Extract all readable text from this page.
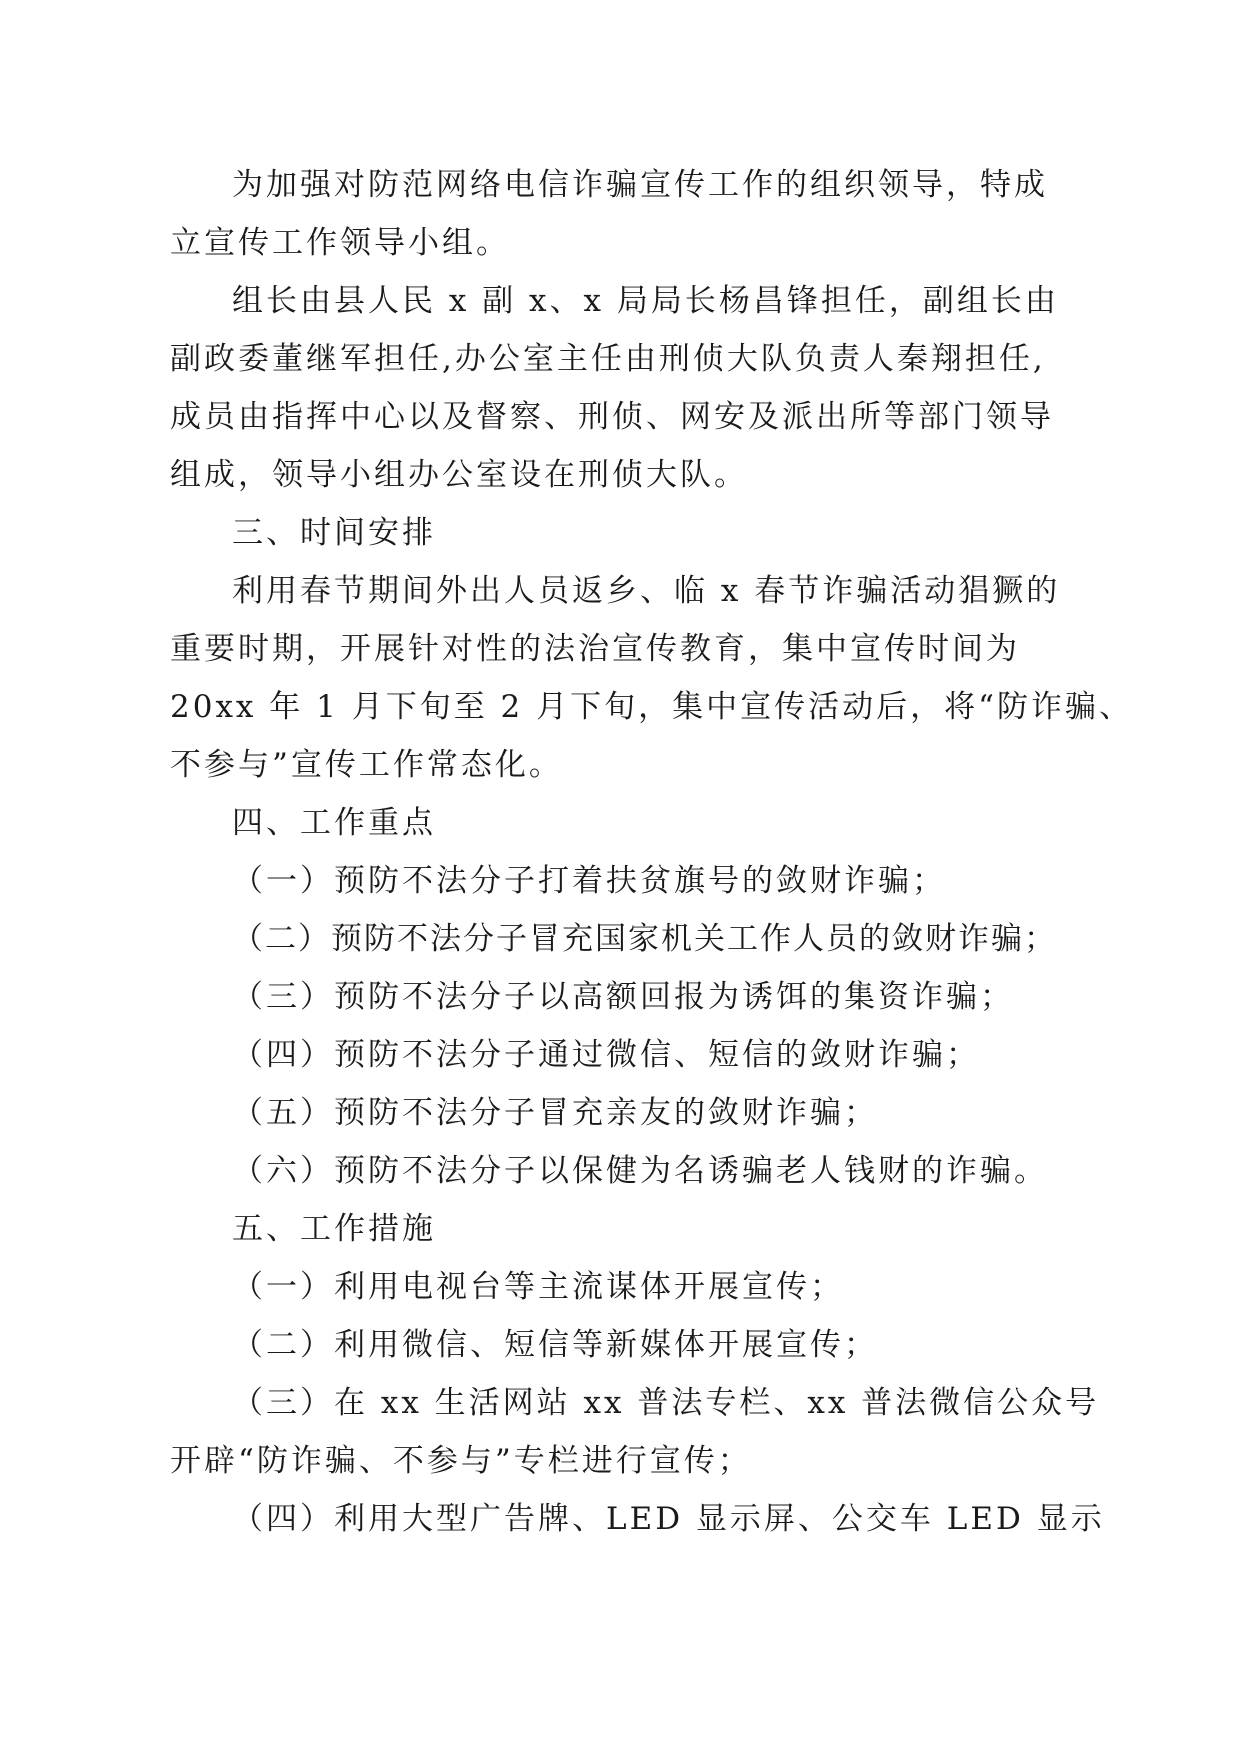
为加强对防范网络电信诈骗宣传工作的组织领导，特成
立宣传工作领导小组。
组长由县人民 x 副 x、x 局局长杨昌锋担任，副组长由
副政委董继军担任,办公室主任由刑侦大队负责人秦翔担任,
成员由指挥中心以及督察、刑侦、网安及派出所等部门领导
组成，领导小组办公室设在刑侦大队。
三、时间安排
利用春节期间外出人员返乡、临 x 春节诈骗活动猖獗的
重要时期，开展针对性的法治宣传教育，集中宣传时间为
20xx 年 1 月下旬至 2 月下旬，集中宣传活动后，将“防诈骗、
不参与”宣传工作常态化。
四、工作重点
（一）预防不法分子打着扶贫旗号的敛财诈骗；
（二）预防不法分子冒充国家机关工作人员的敛财诈骗；
（三）预防不法分子以高额回报为诱饵的集资诈骗；
（四）预防不法分子通过微信、短信的敛财诈骗；
（五）预防不法分子冒充亲友的敛财诈骗；
（六）预防不法分子以保健为名诱骗老人钱财的诈骗。
五、工作措施
（一）利用电视台等主流谋体开展宣传；
（二）利用微信、短信等新媒体开展宣传；
（三）在 xx 生活网站 xx 普法专栏、xx 普法微信公众号
开辟“防诈骗、不参与”专栏进行宣传；
（四）利用大型广告牌、LED 显示屏、公交车 LED 显示
